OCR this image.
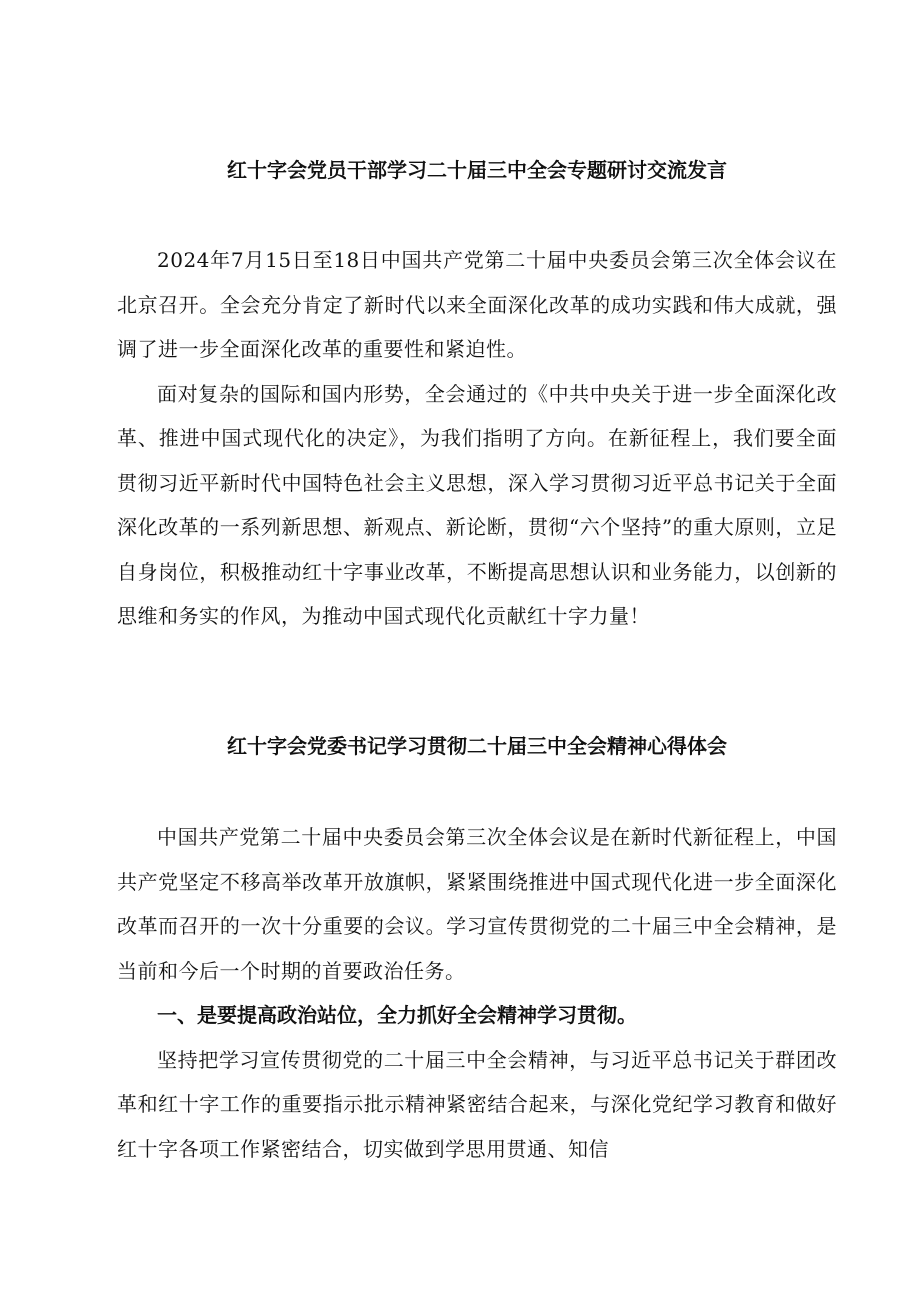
红十字会党员干部学习二十届三中全会专题研讨交流发言

2024年7月15日至18日中国共产党第二十届中央委员会第三次全体会议在北京召开。全会充分肯定了新时代以来全面深化改革的成功实践和伟大成就，强调了进一步全面深化改革的重要性和紧迫性。

面对复杂的国际和国内形势，全会通过的《中共中央关于进一步全面深化改革、推进中国式现代化的决定》，为我们指明了方向。在新征程上，我们要全面贯彻习近平新时代中国特色社会主义思想，深入学习贯彻习近平总书记关于全面深化改革的一系列新思想、新观点、新论断，贯彻“六个坚持”的重大原则，立足自身岗位，积极推动红十字事业改革，不断提高思想认识和业务能力，以创新的思维和务实的作风，为推动中国式现代化贡献红十字力量！

红十字会党委书记学习贯彻二十届三中全会精神心得体会

中国共产党第二十届中央委员会第三次全体会议是在新时代新征程上，中国共产党坚定不移高举改革开放旗帜，紧紧围绕推进中国式现代化进一步全面深化改革而召开的一次十分重要的会议。学习宣传贯彻党的二十届三中全会精神，是当前和今后一个时期的首要政治任务。

一、是要提高政治站位，全力抓好全会精神学习贯彻。

坚持把学习宣传贯彻党的二十届三中全会精神，与习近平总书记关于群团改革和红十字工作的重要指示批示精神紧密结合起来，与深化党纪学习教育和做好红十字各项工作紧密结合，切实做到学思用贯通、知信
